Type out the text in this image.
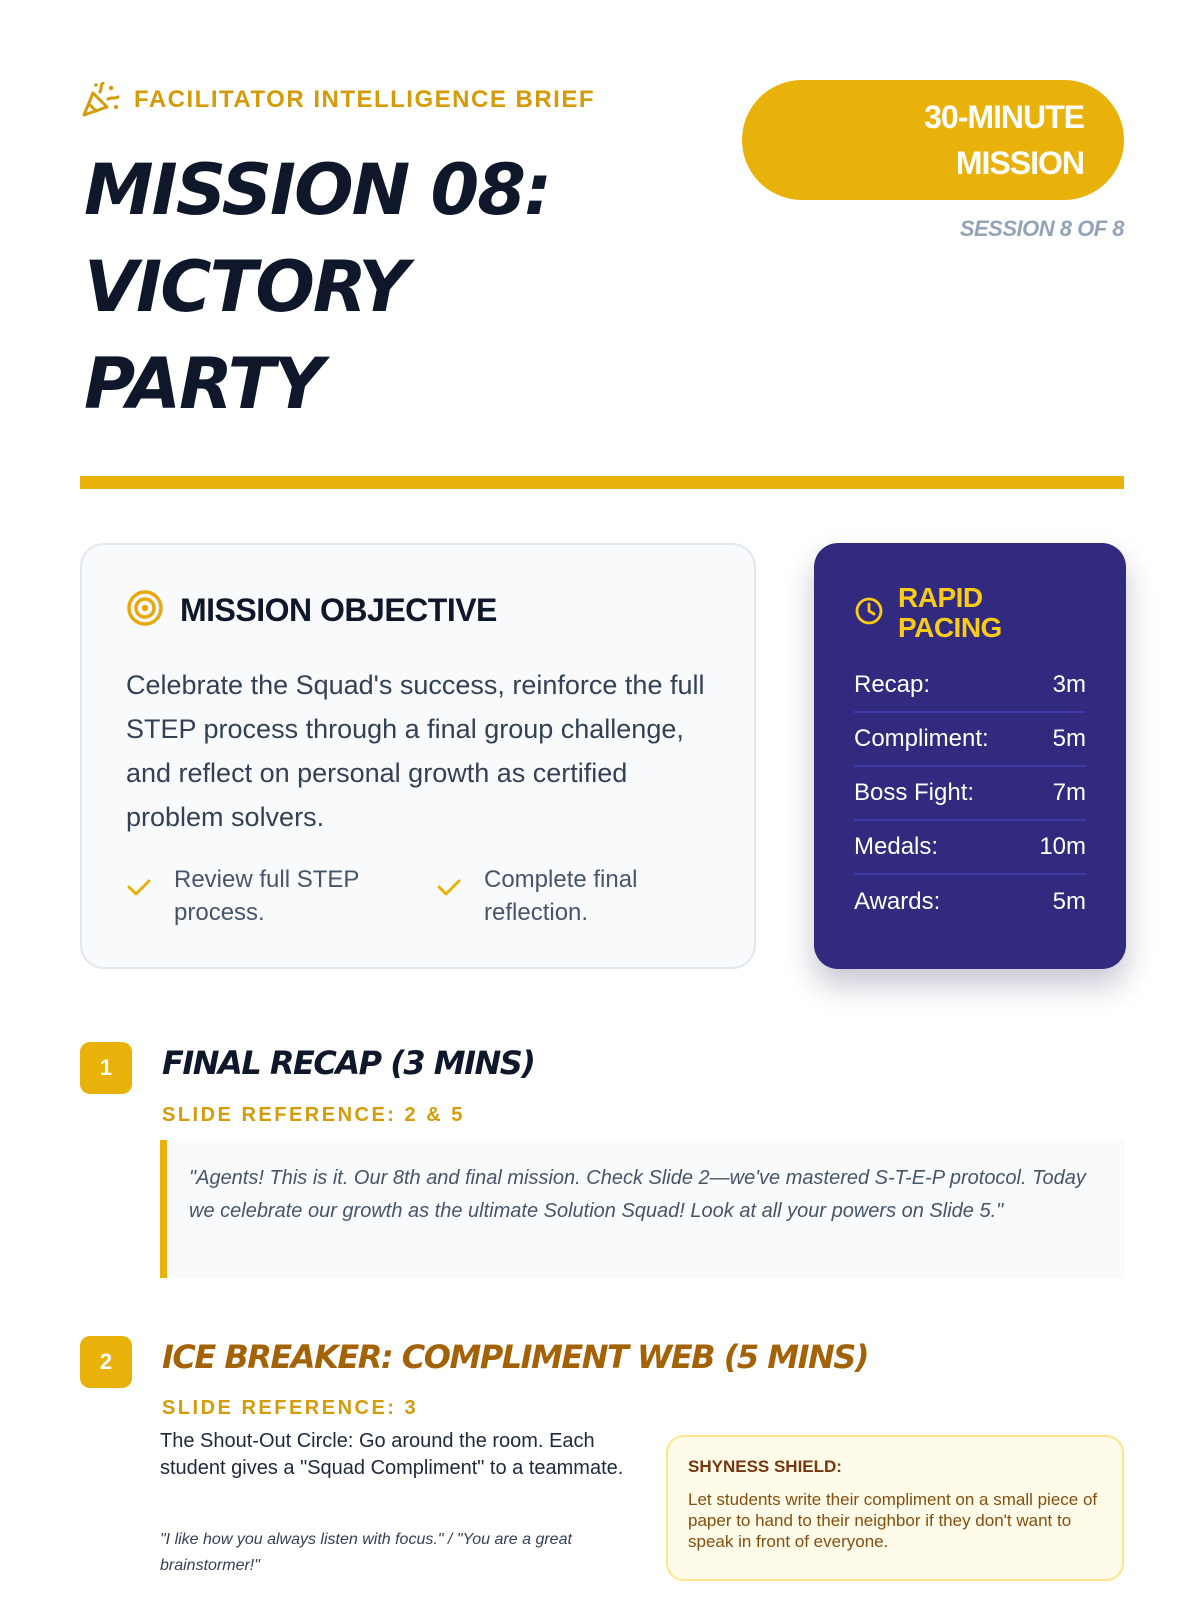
FACILITATOR INTELLIGENCE BRIEF
MISSION 08:
VICTORY
PARTY
30-MINUTE
MISSION
SESSION 8 OF 8
MISSION OBJECTIVE
Celebrate the Squad's success, reinforce the full STEP process through a final group challenge, and reflect on personal growth as certified problem solvers.
Review full STEP process.
Complete final reflection.
RAPID
PACING
Recap:	3m
Compliment:	5m
Boss Fight:	7m
Medals:	10m
Awards:	5m
1	FINAL RECAP (3 MINS)
SLIDE REFERENCE: 2 & 5
"Agents! This is it. Our 8th and final mission. Check Slide 2—we've mastered S-T-E-P protocol. Today we celebrate our growth as the ultimate Solution Squad! Look at all your powers on Slide 5."
2	ICE BREAKER: COMPLIMENT WEB (5 MINS)
SLIDE REFERENCE: 3
The Shout-Out Circle: Go around the room. Each student gives a "Squad Compliment" to a teammate.
"I like how you always listen with focus." / "You are a great brainstormer!"
SHYNESS SHIELD:
Let students write their compliment on a small piece of paper to hand to their neighbor if they don't want to speak in front of everyone.
